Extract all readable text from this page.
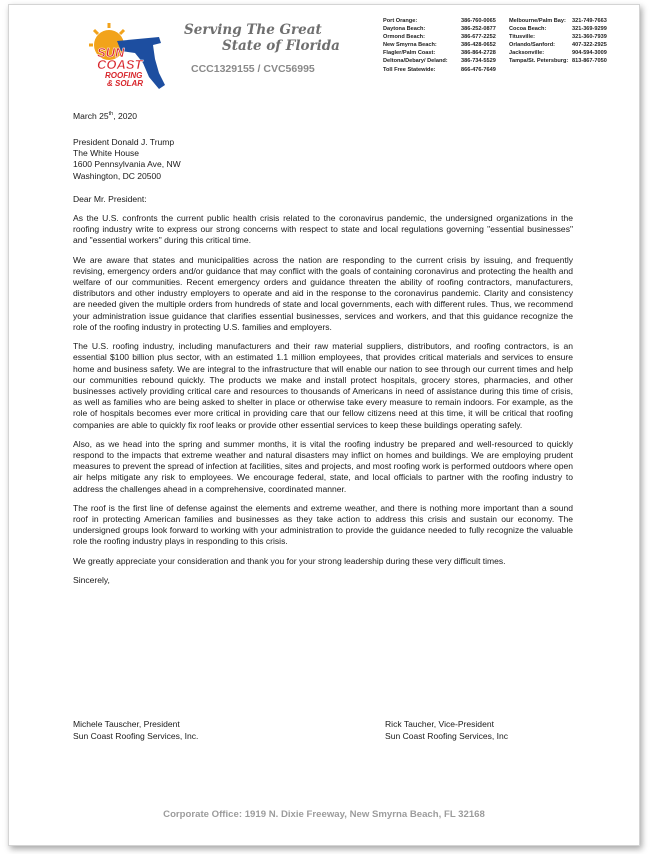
SUN
COAST
ROOFING
& SOLAR
Serving The Great
State of Florida
CCC1329155 / CVC56995
Port Orange:	386-760-0065
Daytona Beach:	386-252-0877
Ormond Beach:	386-677-2252
New Smyrna Beach:	386-428-0652
Flagler/Palm Coast:	386-864-2728
Deltona/Debary/ Deland:	386-734-5529
Toll Free Statewide:	866-476-7649
Melbourne/Palm Bay:	321-749-7663
Cocoa Beach:	321-369-9299
Titusville:	321-360-7939
Orlando/Sanford:	407-322-2925
Jacksonville:	904-594-3009
Tampa/St. Petersburg: 813-867-7050

March 25th, 2020

President Donald J. Trump
The White House
1600 Pennsylvania Ave, NW
Washington, DC 20500

Dear Mr. President:

As the U.S. confronts the current public health crisis related to the coronavirus pandemic, the undersigned organizations in the roofing industry write to express our strong concerns with respect to state and local regulations governing "essential businesses" and "essential workers" during this critical time.

We are aware that states and municipalities across the nation are responding to the current crisis by issuing, and frequently revising, emergency orders and/or guidance that may conflict with the goals of containing coronavirus and protecting the health and welfare of our communities. Recent emergency orders and guidance threaten the ability of roofing contractors, manufacturers, distributors and other industry employers to operate and aid in the response to the coronavirus pandemic. Clarity and consistency are needed given the multiple orders from hundreds of state and local governments, each with different rules. Thus, we recommend your administration issue guidance that clarifies essential businesses, services and workers, and that this guidance recognize the role of the roofing industry in protecting U.S. families and employers.

The U.S. roofing industry, including manufacturers and their raw material suppliers, distributors, and roofing contractors, is an essential $100 billion plus sector, with an estimated 1.1 million employees, that provides critical materials and services to ensure home and business safety. We are integral to the infrastructure that will enable our nation to see through our current times and help our communities rebound quickly. The products we make and install protect hospitals, grocery stores, pharmacies, and other businesses actively providing critical care and resources to thousands of Americans in need of assistance during this time of crisis, as well as families who are being asked to shelter in place or otherwise take every measure to remain indoors. For example, as the role of hospitals becomes ever more critical in providing care that our fellow citizens need at this time, it will be critical that roofing companies are able to quickly fix roof leaks or provide other essential services to keep these buildings operating safely.

Also, as we head into the spring and summer months, it is vital the roofing industry be prepared and well-resourced to quickly respond to the impacts that extreme weather and natural disasters may inflict on homes and buildings. We are employing prudent measures to prevent the spread of infection at facilities, sites and projects, and most roofing work is performed outdoors where open air helps mitigate any risk to employees. We encourage federal, state, and local officials to partner with the roofing industry to address the challenges ahead in a comprehensive, coordinated manner.

The roof is the first line of defense against the elements and extreme weather, and there is nothing more important than a sound roof in protecting American families and businesses as they take action to address this crisis and sustain our economy. The undersigned groups look forward to working with your administration to provide the guidance needed to fully recognize the valuable role the roofing industry plays in responding to this crisis.

We greatly appreciate your consideration and thank you for your strong leadership during these very difficult times.

Sincerely,

Michele Tauscher, President
Sun Coast Roofing Services, Inc.
Rick Taucher, Vice-President
Sun Coast Roofing Services, Inc
Corporate Office: 1919 N. Dixie Freeway, New Smyrna Beach, FL 32168
